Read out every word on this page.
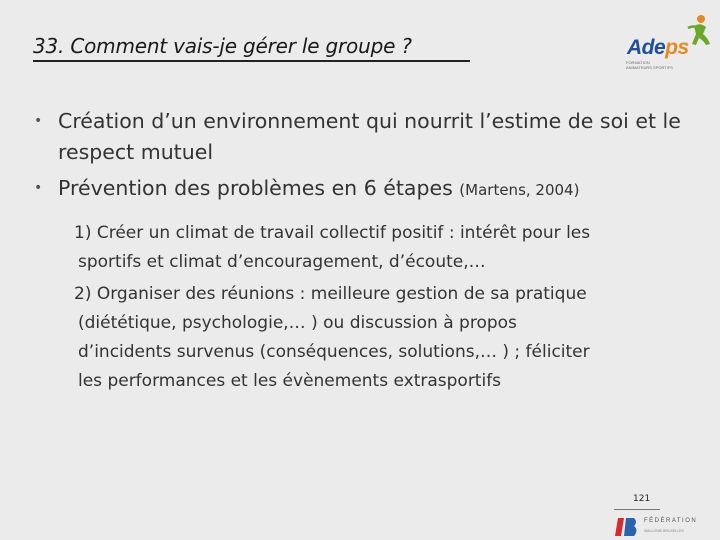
33. Comment vais-je gérer le groupe ?	Adeps
FORMATION
ANIMATEURS SPORTIFS
• Création d’un environnement qui nourrit l’estime de soi et le respect mutuel
• Prévention des problèmes en 6 étapes (Martens, 2004)
1) Créer un climat de travail collectif positif : intérêt pour les
sportifs et climat d’encouragement, d’écoute,…
2) Organiser des réunions : meilleure gestion de sa pratique
(diététique, psychologie,… ) ou discussion à propos
d’incidents survenus (conséquences, solutions,… ) ; féliciter
les performances et les évènements extrasportifs
121
FÉDÉRATION
WALLONIE-BRUXELLES
